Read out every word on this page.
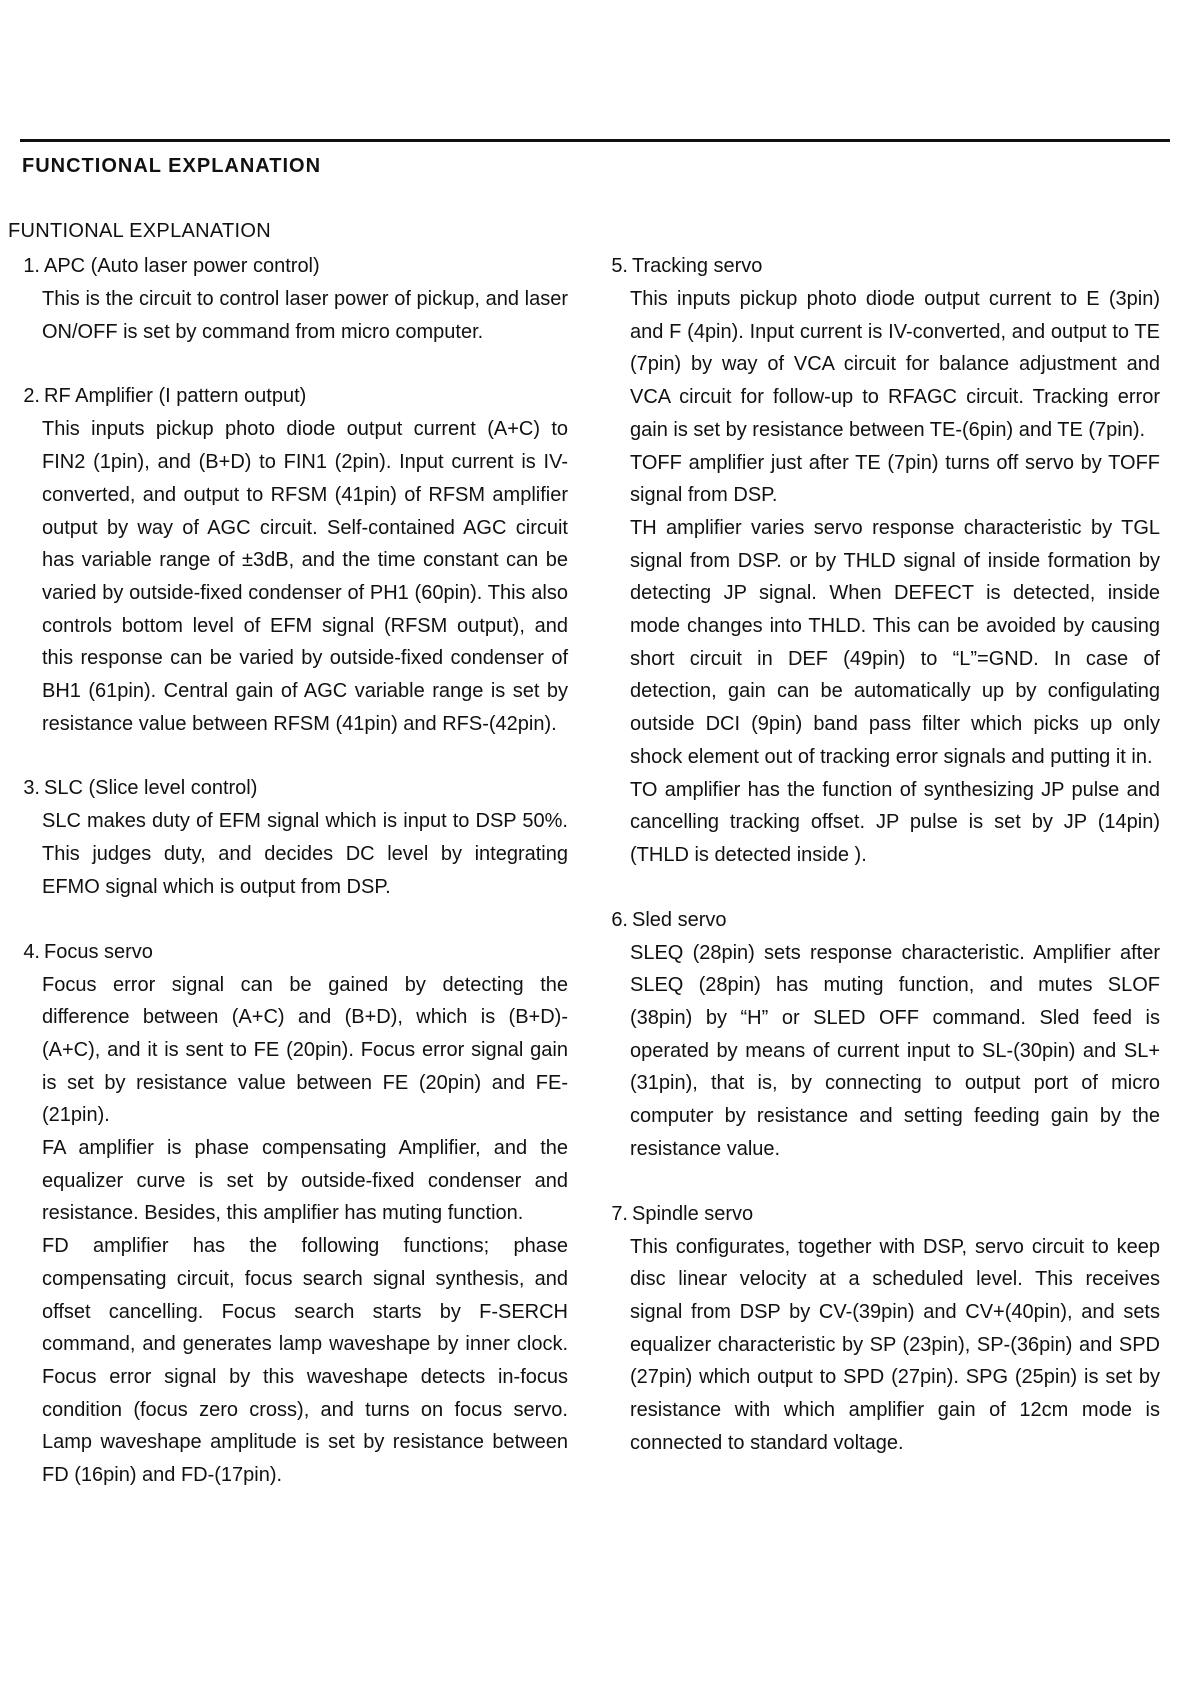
FUNCTIONAL EXPLANATION
FUNTIONAL EXPLANATION
1. APC (Auto laser power control)

This is the circuit to control laser power of pickup, and laser ON/OFF is set by command from micro computer.

2. RF Amplifier (I pattern output)

This inputs pickup photo diode output current (A+C) to FIN2 (1pin), and (B+D) to FIN1 (2pin). Input current is IV-converted, and output to RFSM (41pin) of RFSM amplifier output by way of AGC circuit. Self-contained AGC circuit has variable range of ±3dB, and the time constant can be varied by outside-fixed condenser of PH1 (60pin). This also controls bottom level of EFM signal (RFSM output), and this response can be varied by outside-fixed condenser of BH1 (61pin). Central gain of AGC variable range is set by resistance value between RFSM (41pin) and RFS-(42pin).

3. SLC (Slice level control)

SLC makes duty of EFM signal which is input to DSP 50%. This judges duty, and decides DC level by integrating EFMO signal which is output from DSP.

4. Focus servo

Focus error signal can be gained by detecting the difference between (A+C) and (B+D), which is (B+D)-(A+C), and it is sent to FE (20pin). Focus error signal gain is set by resistance value between FE (20pin) and FE-(21pin).

FA amplifier is phase compensating Amplifier, and the equalizer curve is set by outside-fixed condenser and resistance. Besides, this amplifier has muting function.

FD amplifier has the following functions; phase compensating circuit, focus search signal synthesis, and offset cancelling. Focus search starts by F-SERCH command, and generates lamp waveshape by inner clock. Focus error signal by this waveshape detects in-focus condition (focus zero cross), and turns on focus servo. Lamp waveshape amplitude is set by resistance between FD (16pin) and FD-(17pin).

5. Tracking servo

This inputs pickup photo diode output current to E (3pin) and F (4pin). Input current is IV-converted, and output to TE (7pin) by way of VCA circuit for balance adjustment and VCA circuit for follow-up to RFAGC circuit. Tracking error gain is set by resistance between TE-(6pin) and TE (7pin).

TOFF amplifier just after TE (7pin) turns off servo by TOFF signal from DSP.

TH amplifier varies servo response characteristic by TGL signal from DSP. or by THLD signal of inside formation by detecting JP signal. When DEFECT is detected, inside mode changes into THLD. This can be avoided by causing short circuit in DEF (49pin) to “L”=GND. In case of detection, gain can be automatically up by configulating outside DCI (9pin) band pass filter which picks up only shock element out of tracking error signals and putting it in.

TO amplifier has the function of synthesizing JP pulse and cancelling tracking offset. JP pulse is set by JP (14pin) (THLD is detected inside ).

6. Sled servo

SLEQ (28pin) sets response characteristic. Amplifier after SLEQ (28pin) has muting function, and mutes SLOF (38pin) by “H” or SLED OFF command. Sled feed is operated by means of current input to SL-(30pin) and SL+(31pin), that is, by connecting to output port of micro computer by resistance and setting feeding gain by the resistance value.

7. Spindle servo

This configurates, together with DSP, servo circuit to keep disc linear velocity at a scheduled level. This receives signal from DSP by CV-(39pin) and CV+(40pin), and sets equalizer characteristic by SP (23pin), SP-(36pin) and SPD (27pin) which output to SPD (27pin). SPG (25pin) is set by resistance with which amplifier gain of 12cm mode is connected to standard voltage.
